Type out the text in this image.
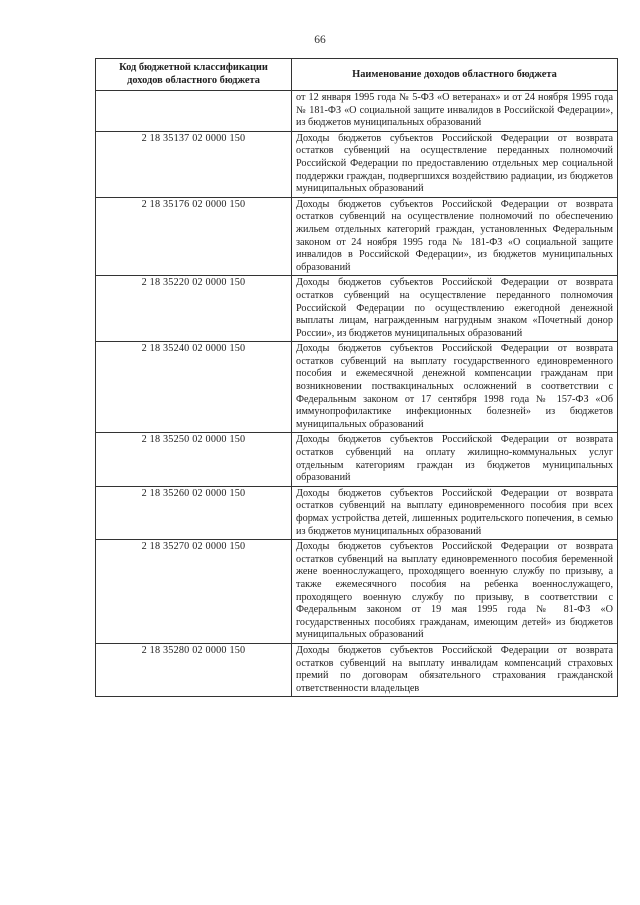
66
Код бюджетной классификации доходов областного бюджета	Наименование доходов областного бюджета
	от 12 января 1995 года № 5-ФЗ «О ветеранах» и от 24 ноября 1995 года № 181-ФЗ «О социальной защите инвалидов в Российской Федерации», из бюджетов муниципальных образований
2 18 35137 02 0000 150	Доходы бюджетов субъектов Российской Федерации от возврата остатков субвенций на осуществление переданных полномочий Российской Федерации по предоставлению отдельных мер социальной поддержки граждан, подвергшихся воздействию радиации, из бюджетов муниципальных образований
2 18 35176 02 0000 150	Доходы бюджетов субъектов Российской Федерации от возврата остатков субвенций на осуществление полномочий по обеспечению жильем отдельных категорий граждан, установленных Федеральным законом от 24 ноября 1995 года № 181-ФЗ «О социальной защите инвалидов в Российской Федерации», из бюджетов муниципальных образований
2 18 35220 02 0000 150	Доходы бюджетов субъектов Российской Федерации от возврата остатков субвенций на осуществление переданного полномочия Российской Федерации по осуществлению ежегодной денежной выплаты лицам, награжденным нагрудным знаком «Почетный донор России», из бюджетов муниципальных образований
2 18 35240 02 0000 150	Доходы бюджетов субъектов Российской Федерации от возврата остатков субвенций на выплату государственного единовременного пособия и ежемесячной денежной компенсации гражданам при возникновении поствакцинальных осложнений в соответствии с Федеральным законом от 17 сентября 1998 года № 157-ФЗ «Об иммунопрофилактике инфекционных болезней» из бюджетов муниципальных образований
2 18 35250 02 0000 150	Доходы бюджетов субъектов Российской Федерации от возврата остатков субвенций на оплату жилищно-коммунальных услуг отдельным категориям граждан из бюджетов муниципальных образований
2 18 35260 02 0000 150	Доходы бюджетов субъектов Российской Федерации от возврата остатков субвенций на выплату единовременного пособия при всех формах устройства детей, лишенных родительского попечения, в семью из бюджетов муниципальных образований
2 18 35270 02 0000 150	Доходы бюджетов субъектов Российской Федерации от возврата остатков субвенций на выплату единовременного пособия беременной жене военнослужащего, проходящего военную службу по призыву, а также ежемесячного пособия на ребенка военнослужащего, проходящего военную службу по призыву, в соответствии с Федеральным законом от 19 мая 1995 года № 81-ФЗ «О государственных пособиях гражданам, имеющим детей» из бюджетов муниципальных образований
2 18 35280 02 0000 150	Доходы бюджетов субъектов Российской Федерации от возврата остатков субвенций на выплату инвалидам компенсаций страховых премий по договорам обязательного страхования гражданской ответственности владельцев
